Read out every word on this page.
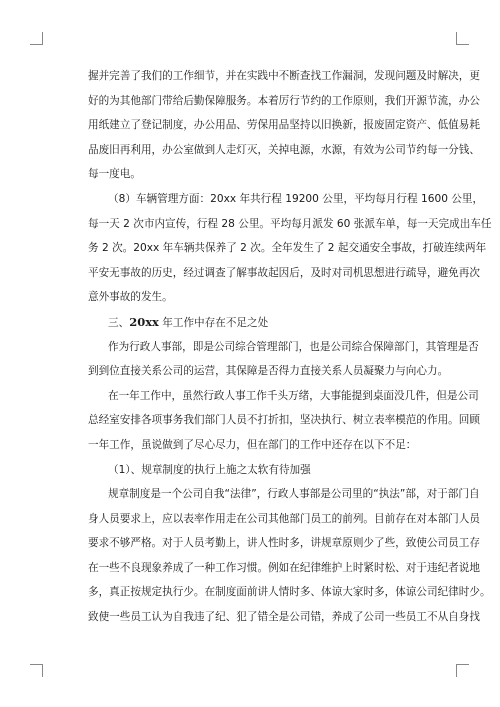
握并完善了我们的工作细节，并在实践中不断查找工作漏洞，发现问题及时解决，更
好的为其他部门带给后勤保障服务。本着厉行节约的工作原则，我们开源节流，办公
用纸建立了登记制度，办公用品、劳保用品坚持以旧换新，报废固定资产、低值易耗
品废旧再利用，办公室做到人走灯灭，关掉电源，水源，有效为公司节约每一分钱、
每一度电。
（8）车辆管理方面：20xx 年共行程 19200 公里，平均每月行程 1600 公里，
每一天 2 次市内宣传，行程 28 公里。平均每月派发 60 张派车单，每一天完成出车任
务 2 次。20xx 年车辆共保养了 2 次。全年发生了 2 起交通安全事故，打破连续两年
平安无事故的历史，经过调查了解事故起因后，及时对司机思想进行疏导，避免再次
意外事故的发生。
三、20xx 年工作中存在不足之处
作为行政人事部，即是公司综合管理部门，也是公司综合保障部门，其管理是否
到到位直接关系公司的运营，其保障是否得力直接关系人员凝聚力与向心力。
在一年工作中，虽然行政人事工作千头万绪，大事能提到桌面没几件，但是公司
总经室安排各项事务我们部门人员不打折扣，坚决执行、树立表率模范的作用。回顾
一年工作，虽说做到了尽心尽力，但在部门的工作中还存在以下不足：
（1）、规章制度的执行上施之太软有待加强
规章制度是一个公司自我“法律”，行政人事部是公司里的“执法”部，对于部门自
身人员要求上，应以表率作用走在公司其他部门员工的前列。目前存在对本部门人员
要求不够严格。对于人员考勤上，讲人性时多，讲规章原则少了些，致使公司员工存
在一些不良现象养成了一种工作习惯。例如在纪律维护上时紧时松、对于违纪者说地
多，真正按规定执行少。在制度面前讲人情时多、体谅大家时多，体谅公司纪律时少。
致使一些员工认为自我违了纪、犯了错全是公司错，养成了公司一些员工不从自身找
